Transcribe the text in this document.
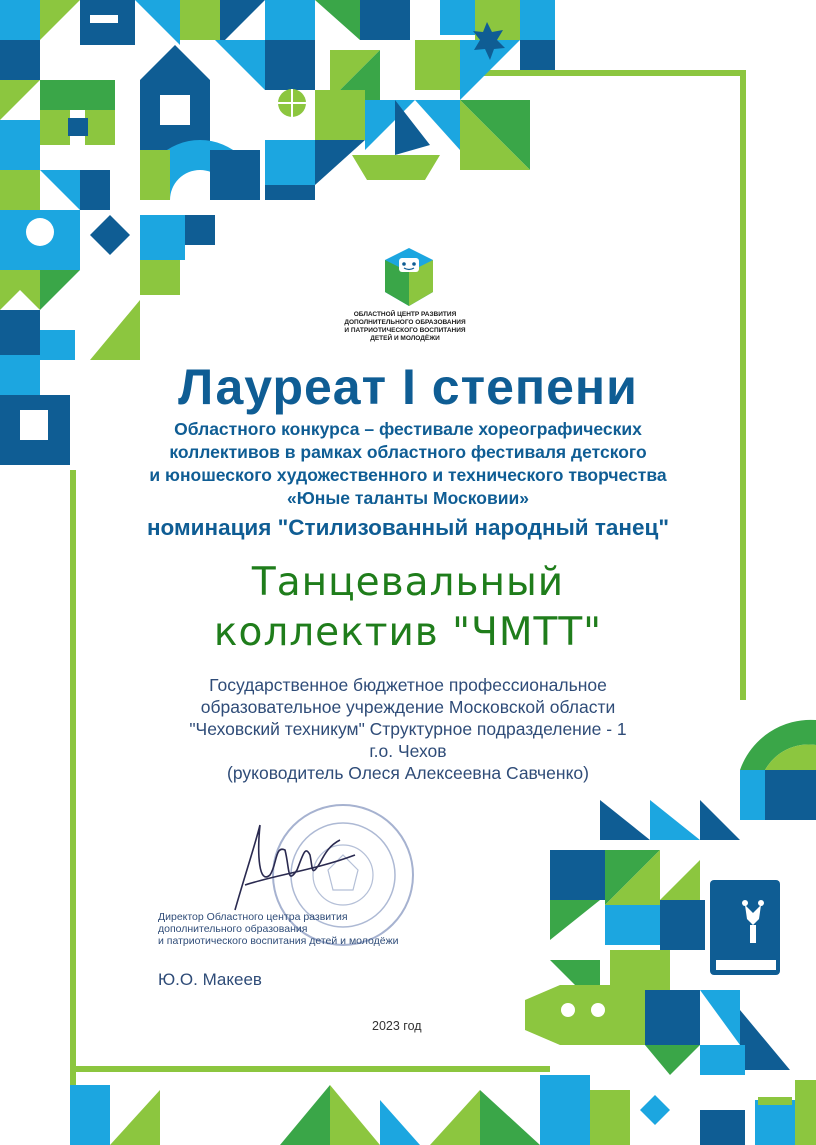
ОБЛАСТНОЙ ЦЕНТР РАЗВИТИЯ
ДОПОЛНИТЕЛЬНОГО ОБРАЗОВАНИЯ
И ПАТРИОТИЧЕСКОГО ВОСПИТАНИЯ
ДЕТЕЙ И МОЛОДЁЖИ
Лауреат I степени
Областного конкурса – фестивале хореографических
коллективов в рамках областного фестиваля детского
и юношеского художественного и технического творчества
«Юные таланты Московии»
номинация "Стилизованный народный танец"
Танцевальный
коллектив "ЧМТТ"
Государственное бюджетное профессиональное
образовательное учреждение Московской области
"Чеховский техникум" Структурное подразделение - 1
г.о. Чехов
(руководитель Олеся Алексеевна Савченко)
Директор Областного центра развития
дополнительного образования
и патриотического воспитания детей и молодёжи
Ю.О. Макеев
2023 год
